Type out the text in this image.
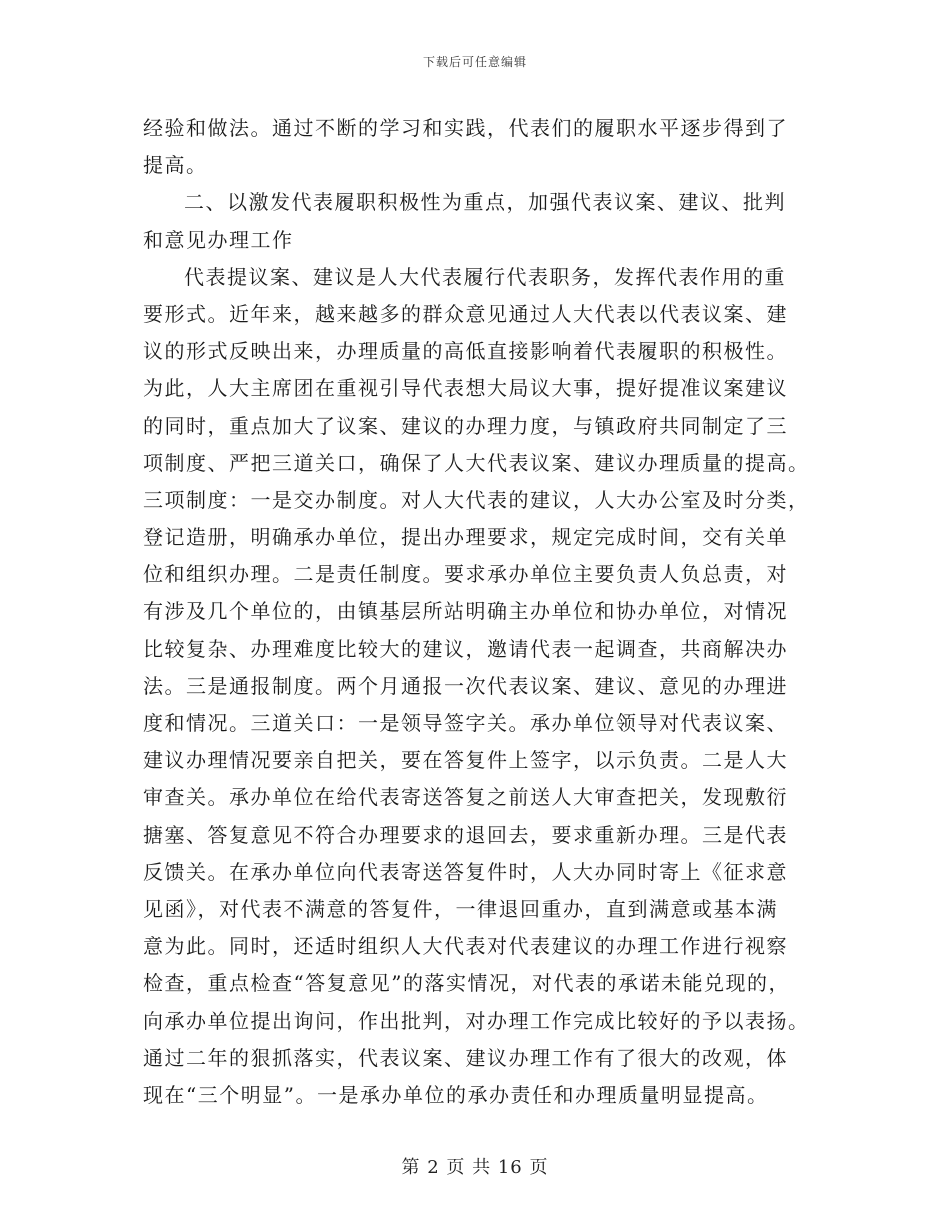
下载后可任意编辑
经验和做法。通过不断的学习和实践，代表们的履职水平逐步得到了
提高。
二、以激发代表履职积极性为重点，加强代表议案、建议、批判
和意见办理工作
代表提议案、建议是人大代表履行代表职务，发挥代表作用的重
要形式。近年来，越来越多的群众意见通过人大代表以代表议案、建
议的形式反映出来，办理质量的高低直接影响着代表履职的积极性。
为此，人大主席团在重视引导代表想大局议大事，提好提准议案建议
的同时，重点加大了议案、建议的办理力度，与镇政府共同制定了三
项制度、严把三道关口，确保了人大代表议案、建议办理质量的提高。
三项制度：一是交办制度。对人大代表的建议，人大办公室及时分类，
登记造册，明确承办单位，提出办理要求，规定完成时间，交有关单
位和组织办理。二是责任制度。要求承办单位主要负责人负总责，对
有涉及几个单位的，由镇基层所站明确主办单位和协办单位，对情况
比较复杂、办理难度比较大的建议，邀请代表一起调查，共商解决办
法。三是通报制度。两个月通报一次代表议案、建议、意见的办理进
度和情况。三道关口：一是领导签字关。承办单位领导对代表议案、
建议办理情况要亲自把关，要在答复件上签字，以示负责。二是人大
审查关。承办单位在给代表寄送答复之前送人大审查把关，发现敷衍
搪塞、答复意见不符合办理要求的退回去，要求重新办理。三是代表
反馈关。在承办单位向代表寄送答复件时，人大办同时寄上《征求意
见函》，对代表不满意的答复件，一律退回重办，直到满意或基本满
意为此。同时，还适时组织人大代表对代表建议的办理工作进行视察
检查，重点检查“答复意见”的落实情况，对代表的承诺未能兑现的，
向承办单位提出询问，作出批判，对办理工作完成比较好的予以表扬。
通过二年的狠抓落实，代表议案、建议办理工作有了很大的改观，体
现在“三个明显”。一是承办单位的承办责任和办理质量明显提高。
第 2 页 共 16 页
